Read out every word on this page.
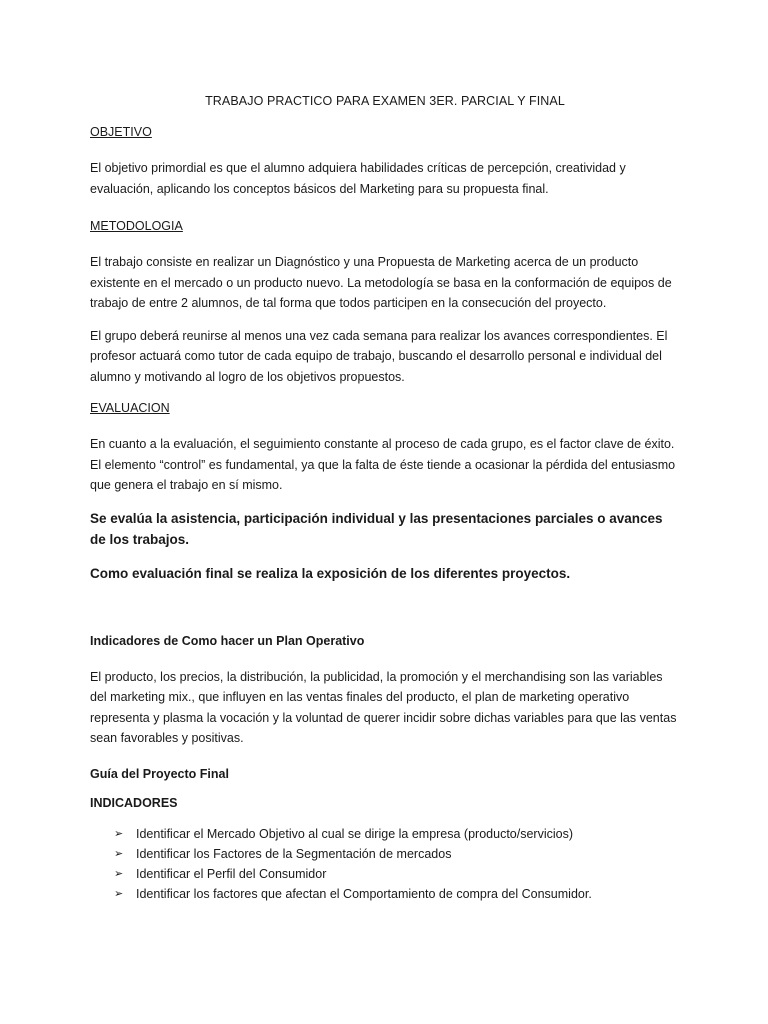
TRABAJO PRACTICO PARA EXAMEN 3ER. PARCIAL Y FINAL
OBJETIVO

El objetivo primordial es que el alumno adquiera habilidades críticas de percepción, creatividad y evaluación, aplicando los conceptos básicos del Marketing para su propuesta final.

METODOLOGIA

El trabajo consiste en realizar un Diagnóstico y una Propuesta de Marketing acerca de un producto existente en el mercado o un producto nuevo. La metodología se basa en la conformación de equipos de trabajo de entre 2 alumnos, de tal forma que todos participen en la consecución del proyecto.

El grupo deberá reunirse al menos una vez cada semana para realizar los avances correspondientes. El profesor actuará como tutor de cada equipo de trabajo, buscando el desarrollo personal e individual del alumno y motivando al logro de los objetivos propuestos.

EVALUACION

En cuanto a la evaluación, el seguimiento constante al proceso de cada grupo, es el factor clave de éxito. El elemento “control” es fundamental, ya que la falta de éste tiende a ocasionar la pérdida del entusiasmo que genera el trabajo en sí mismo.

Se evalúa la asistencia, participación individual y las presentaciones parciales o avances de los trabajos.

Como evaluación final se realiza la exposición de los diferentes proyectos.

Indicadores de Como hacer un Plan Operativo

El producto, los precios, la distribución, la publicidad, la promoción y el merchandising son las variables del marketing mix., que influyen en las ventas finales del producto, el plan de marketing operativo representa y plasma la vocación y la voluntad de querer incidir sobre dichas variables para que las ventas sean favorables y positivas.

Guía del Proyecto Final
INDICADORES
➢	Identificar el Mercado Objetivo al cual se dirige la empresa (producto/servicios)
➢	Identificar los Factores de la Segmentación de mercados
➢	Identificar el Perfil del Consumidor
➢	Identificar los factores que afectan el Comportamiento de compra del Consumidor.
